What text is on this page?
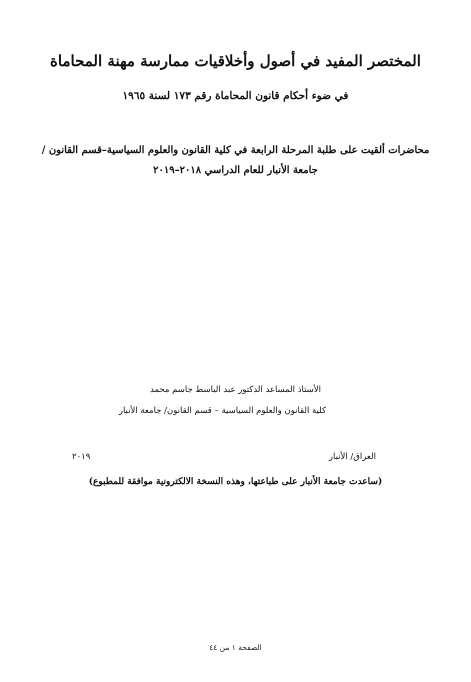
المختصر المفيد في أصول وأخلاقيات ممارسة مهنة المحاماة
في ضوء أحكام قانون المحاماة رقم ١٧٣ لسنة ١٩٦٥
محاضرات ألقيت على طلبة المرحلة الرابعة في كلية القانون والعلوم السياسية–قسم القانون /
جامعة الأنبار للعام الدراسي ٢٠١٨–٢٠١٩
الأستاذ المساعد الدكتور عبد الباسط جاسم محمد
كلية القانون والعلوم السياسية – قسم القانون/ جامعة الأنبار
العراق/ الأنبار
٢٠١٩
(ساعدت جامعة الأنبار على طباعتها، وهذه النسخة الالكترونية موافقة للمطبوع)
الصفحة ١ من ٤٤
